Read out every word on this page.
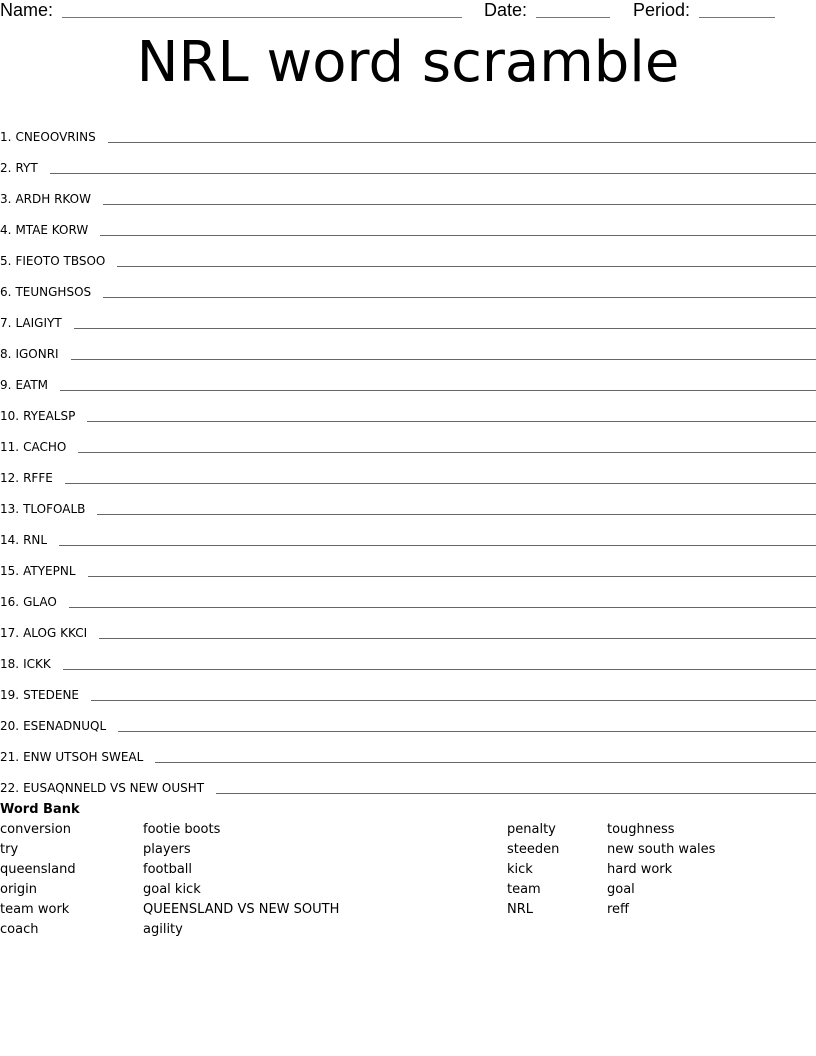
Name:	Date:	Period:
NRL word scramble
1. CNEOOVRINS
2. RYT
3. ARDH RKOW
4. MTAE KORW
5. FIEOTO TBSOO
6. TEUNGHSOS
7. LAIGIYT
8. IGONRI
9. EATM
10. RYEALSP
11. CACHO
12. RFFE
13. TLOFOALB
14. RNL
15. ATYEPNL
16. GLAO
17. ALOG KKCI
18. ICKK
19. STEDENE
20. ESENADNUQL
21. ENW UTSOH SWEAL
22. EUSAQNNELD VS NEW OUSHT
Word Bank
conversion
try
queensland
origin
team work
coach
footie boots
players
football
goal kick
QUEENSLAND VS NEW SOUTH
agility
penalty
steeden
kick
team
NRL
toughness
new south wales
hard work
goal
reff
